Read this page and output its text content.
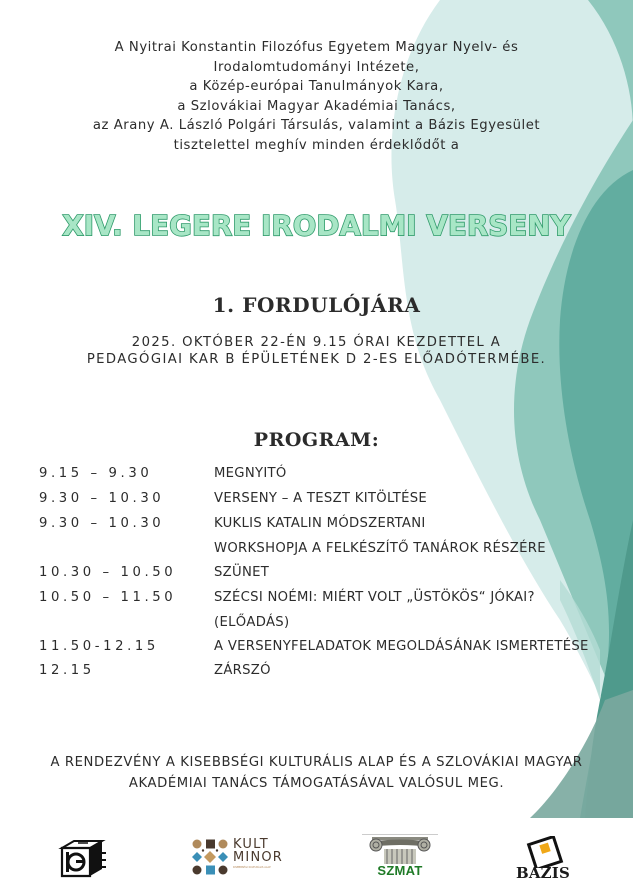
A Nyitrai Konstantin Filozófus Egyetem Magyar Nyelv- és
Irodalomtudományi Intézete,
a Közép-európai Tanulmányok Kara,
a Szlovákiai Magyar Akadémiai Tanács,
az Arany A. László Polgári Társulás, valamint a Bázis Egyesület
tisztelettel meghív minden érdeklődőt a
XIV. LEGERE IRODALMI VERSENY
1. FORDULÓJÁRA
2025. OKTÓBER 22-ÉN 9.15 ÓRAI KEZDETTEL A
PEDAGÓGIAI KAR B ÉPÜLETÉNEK D 2-ES ELŐADÓTERMÉBE.
PROGRAM:
9.15 – 9.30	MEGNYITÓ
9.30 – 10.30	VERSENY – A TESZT KITÖLTÉSE
9.30 – 10.30	KUKLIS KATALIN MÓDSZERTANI
WORKSHOPJA A FELKÉSZÍTŐ TANÁROK RÉSZÉRE
10.30 – 10.50	SZÜNET
10.50 – 11.50	SZÉCSI NOÉMI: MIÉRT VOLT „ÜSTÖKÖS“ JÓKAI?
(ELŐADÁS)
11.50-12.15	A VERSENYFELADATOK MEGOLDÁSÁNAK ISMERTETÉSE
12.15	ZÁRSZÓ
A RENDEZVÉNY A KISEBBSÉGI KULTURÁLIS ALAP ÉS A SZLOVÁKIAI MAGYAR
AKADÉMIAI TANÁCS TÁMOGATÁSÁVAL VALÓSUL MEG.
KULT
MINOR
KISEBBSÉGI KULTURÁLIS ALAP	SZMAT	BAZIS
